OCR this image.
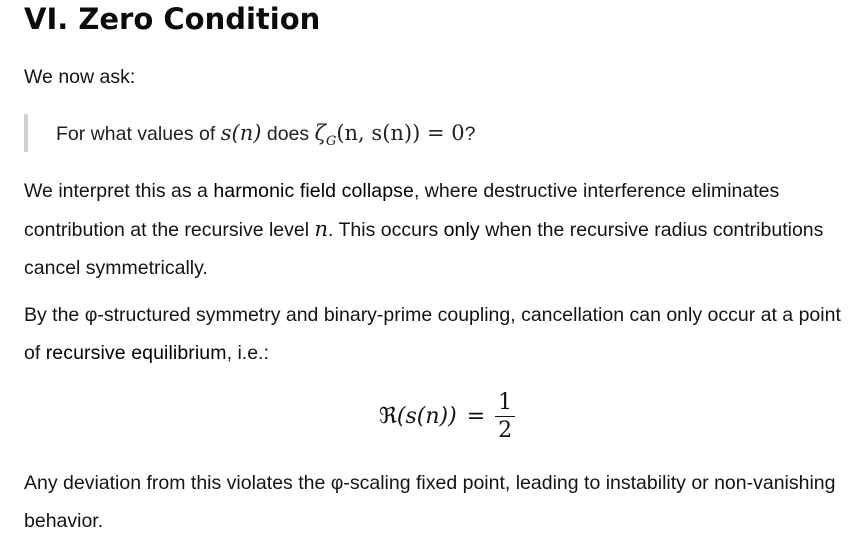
VI. Zero Condition
We now ask:
For what values of s(n) does $\zeta_G(n$, s(n)) = 0?
We interpret this as a harmonic field collapse, where destructive interference eliminates contribution at the recursive level n. This occurs only when the recursive radius contributions cancel symmetrically.
By the φ-structured symmetry and binary-prime coupling, cancellation can only occur at a point of recursive equilibrium, i.e.:
ℜ $(s(n)) = \frac{1}{2}$
Any deviation from this violates the φ-scaling fixed point, leading to instability or non-vanishing behavior.
